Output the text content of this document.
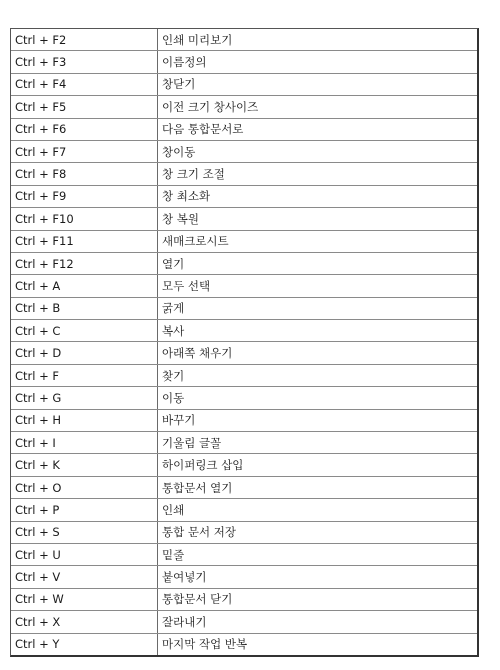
Ctrl + F2	인쇄 미리보기
Ctrl + F3	이름정의
Ctrl + F4	창닫기
Ctrl + F5	이전 크기 창사이즈
Ctrl + F6	다음 통합문서로
Ctrl + F7	창이동
Ctrl + F8	창 크기 조절
Ctrl + F9	창 최소화
Ctrl + F10	창 복원
Ctrl + F11	새매크로시트
Ctrl + F12	열기
Ctrl + A	모두 선택
Ctrl + B	굵게
Ctrl + C	복사
Ctrl + D	아래쪽 채우기
Ctrl + F	찾기
Ctrl + G	이동
Ctrl + H	바꾸기
Ctrl + I	기울림 글꼴
Ctrl + K	하이퍼링크 삽입
Ctrl + O	통합문서 열기
Ctrl + P	인쇄
Ctrl + S	통합 문서 저장
Ctrl + U	밑줄
Ctrl + V	붙여넣기
Ctrl + W	통합문서 닫기
Ctrl + X	잘라내기
Ctrl + Y	마지막 작업 반복
